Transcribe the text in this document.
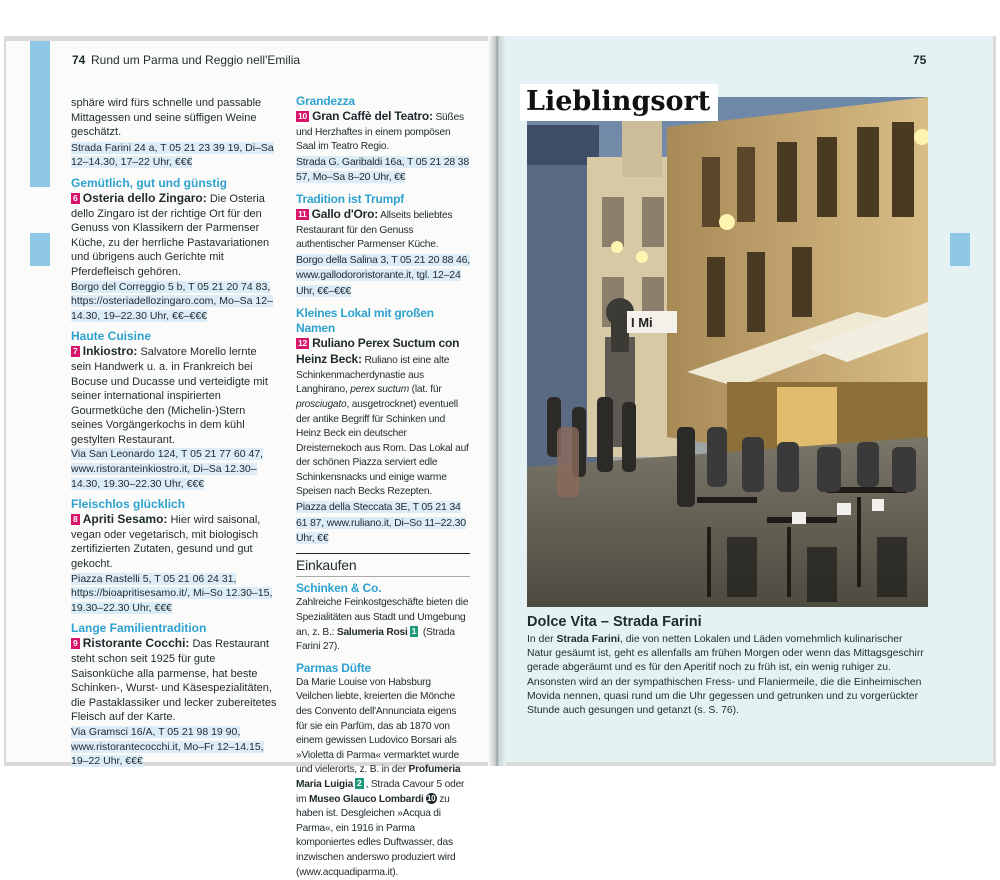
74 Rund um Parma und Reggio nell'Emilia	75

sphäre wird fürs schnelle und passable Mittagessen und seine süffigen Weine geschätzt.

Strada Farini 24 a, T 05 21 23 39 19, Di–Sa 12–14.30, 17–22 Uhr, €€€

Gemütlich, gut und günstig

6 Osteria dello Zingaro: Die Osteria dello Zingaro ist der richtige Ort für den Genuss von Klassikern der Parmenser Küche, zu der herrliche Pastavariationen und übrigens auch Gerichte mit Pferdefleisch gehören.

Borgo del Correggio 5 b, T 05 21 20 74 83, https://osteriadellozingaro.com, Mo–Sa 12–14.30, 19–22.30 Uhr, €€–€€€

Haute Cuisine

7 Inkiostro: Salvatore Morello lernte sein Handwerk u. a. in Frankreich bei Bocuse und Ducasse und verteidigte mit seiner international inspirierten Gourmetküche den (Michelin-)Stern seines Vorgängerkochs in dem kühl gestylten Restaurant.

Via San Leonardo 124, T 05 21 77 60 47, www.ristoranteinkiostro.it, Di–Sa 12.30–14.30, 19.30–22.30 Uhr, €€€

Fleischlos glücklich

8 Apriti Sesamo: Hier wird saisonal, vegan oder vegetarisch, mit biologisch zertifizierten Zutaten, gesund und gut gekocht.

Piazza Rastelli 5, T 05 21 06 24 31, https://bioapritisesamo.it/, Mi–So 12.30–15, 19.30–22.30 Uhr, €€€

Lange Familientradition

9 Ristorante Cocchi: Das Restaurant steht schon seit 1925 für gute Saisonküche alla parmense, hat beste Schinken-, Wurst- und Käsespezialitäten, die Pastaklassiker und lecker zubereitetes Fleisch auf der Karte.

Via Gramsci 16/A, T 05 21 98 19 90, www.ristorantecocchi.it, Mo–Fr 12–14.15, 19–22 Uhr, €€€

Grandezza

10 Gran Caffè del Teatro: Süßes und Herzhaftes in einem pompösen Saal im Teatro Regio.

Strada G. Garibaldi 16a, T 05 21 28 38 57, Mo–Sa 8–20 Uhr, €€

Tradition ist Trumpf

11 Gallo d'Oro: Allseits beliebtes Restaurant für den Genuss authentischer Parmenser Küche.

Borgo della Salina 3, T 05 21 20 88 46, www.gallodororistorante.it, tgl. 12–24 Uhr, €€–€€€

Kleines Lokal mit großen Namen

12 Ruliano Perex Suctum con Heinz Beck: Ruliano ist eine alte Schinkenmacherdynastie aus Langhirano, perex suctum (lat. für prosciugato, ausgetrocknet) eventuell der antike Begriff für Schinken und Heinz Beck ein deutscher Dreisternekoch aus Rom. Das Lokal auf der schönen Piazza serviert edle Schinkensnacks und einige warme Speisen nach Becks Rezepten.

Piazza della Steccata 3E, T 05 21 34 61 87, www.ruliano.it, Di–So 11–22.30 Uhr, €€

Einkaufen
Schinken & Co.

Zahlreiche Feinkostgeschäfte bieten die Spezialitäten aus Stadt und Umgebung an, z. B.: Salumeria Rosi 1 (Strada Farini 27).

Parmas Düfte

Da Marie Louise von Habsburg Veilchen liebte, kreierten die Mönche des Convento dell'Annunciata eigens für sie ein Parfüm, das ab 1870 von einem gewissen Ludovico Borsari als »Violetta di Parma« vermarktet wurde und vielerorts, z. B. in der Profumeria Maria Luigia 2 , Strada Cavour 5 oder im Museo Glauco Lombardi 10 zu haben ist. Desgleichen »Acqua di Parma«, ein 1916 in Parma komponiertes edles Duftwasser, das inzwischen anderswo produziert wird (www.acquadiparma.it).

I Mi
Lieblingsort
Dolce Vita – Strada Farini
In der Strada Farini, die von netten Lokalen und Läden vornehmlich kulinarischer Natur gesäumt ist, geht es allenfalls am frühen Morgen oder wenn das Mittagsgeschirr gerade abgeräumt und es für den Aperitif noch zu früh ist, ein wenig ruhiger zu. Ansonsten wird an der sympathischen Fress- und Flaniermeile, die die Einheimischen Movida nennen, quasi rund um die Uhr gegessen und getrunken und zu vorgerückter Stunde auch gesungen und getanzt (s. S. 76).
